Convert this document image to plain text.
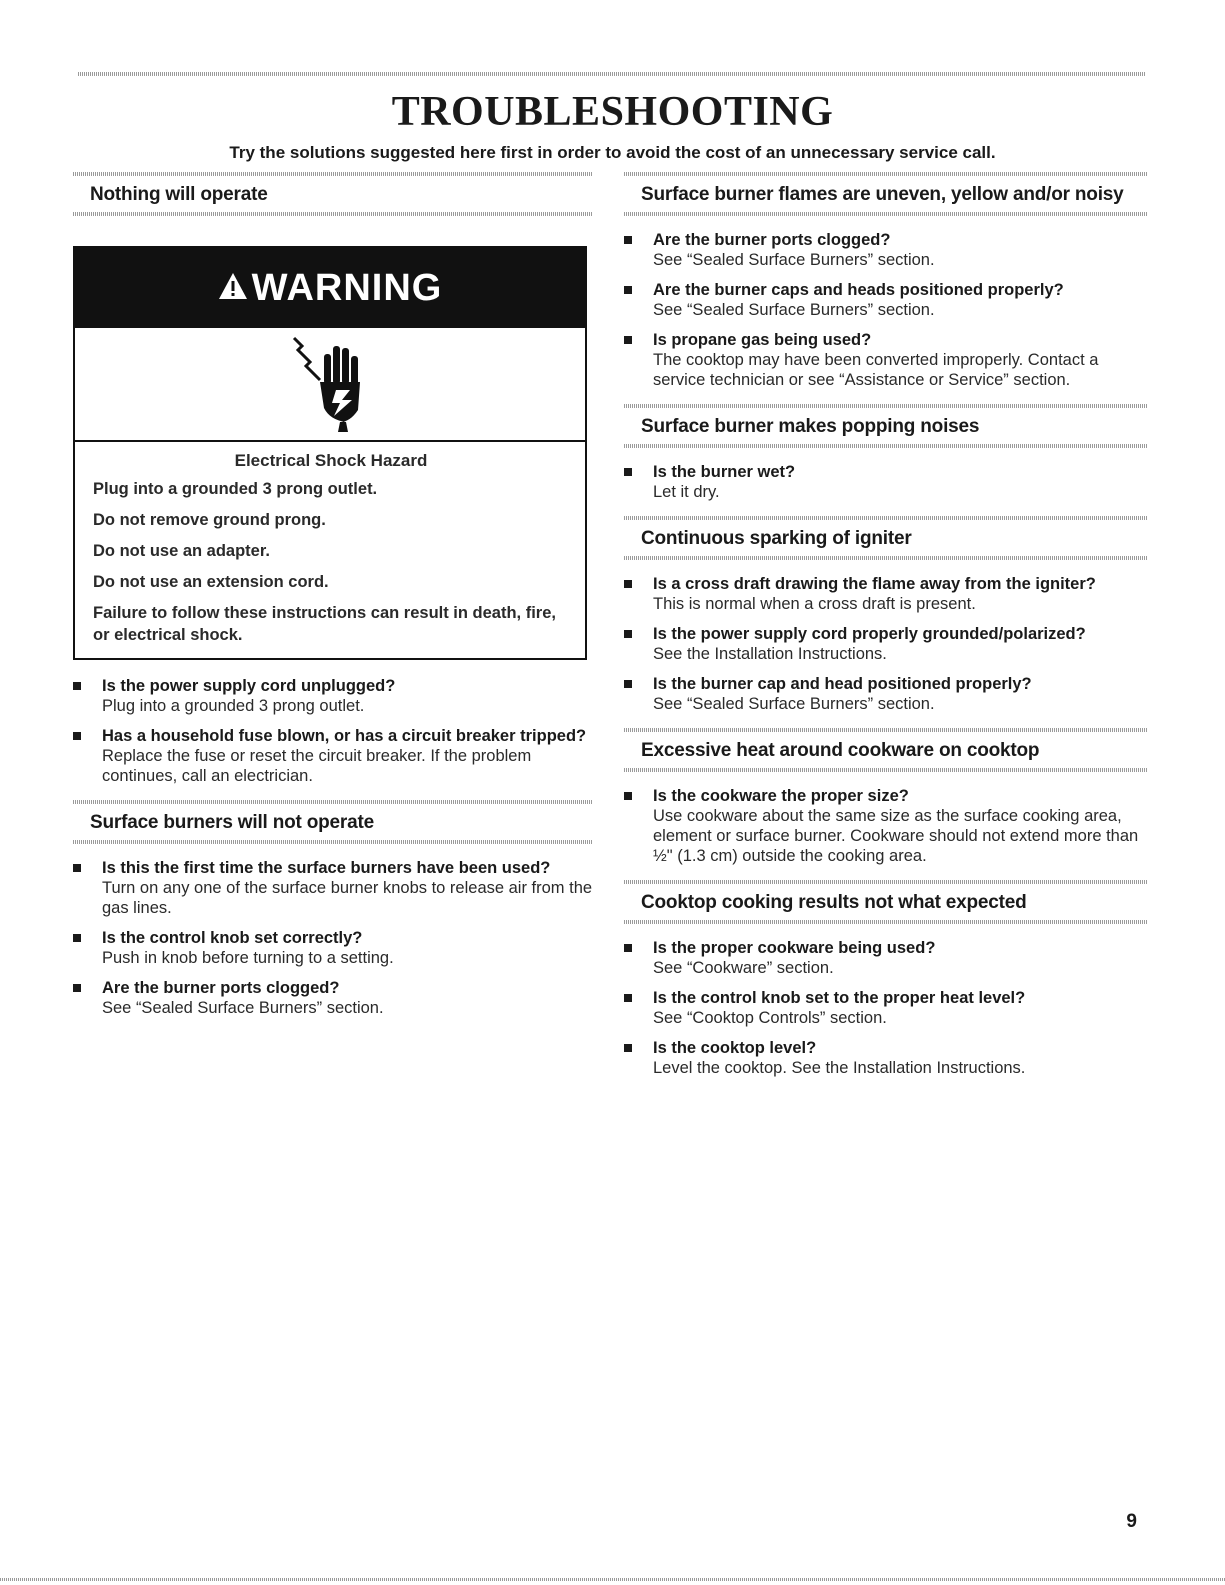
TROUBLESHOOTING
Try the solutions suggested here first in order to avoid the cost of an unnecessary service call.
Nothing will operate
WARNING
Electrical Shock Hazard
Plug into a grounded 3 prong outlet.
Do not remove ground prong.
Do not use an adapter.
Do not use an extension cord.
Failure to follow these instructions can result in death, fire, or electrical shock.
Is the power supply cord unplugged?
Plug into a grounded 3 prong outlet.
Has a household fuse blown, or has a circuit breaker tripped?
Replace the fuse or reset the circuit breaker. If the problem continues, call an electrician.
Surface burners will not operate
Is this the first time the surface burners have been used?
Turn on any one of the surface burner knobs to release air from the gas lines.
Is the control knob set correctly?
Push in knob before turning to a setting.
Are the burner ports clogged?
See “Sealed Surface Burners” section.
Surface burner flames are uneven, yellow and/or noisy
Are the burner ports clogged?
See “Sealed Surface Burners” section.
Are the burner caps and heads positioned properly?
See “Sealed Surface Burners” section.
Is propane gas being used?
The cooktop may have been converted improperly. Contact a service technician or see “Assistance or Service” section.
Surface burner makes popping noises
Is the burner wet?
Let it dry.
Continuous sparking of igniter
Is a cross draft drawing the flame away from the igniter?
This is normal when a cross draft is present.
Is the power supply cord properly grounded/polarized?
See the Installation Instructions.
Is the burner cap and head positioned properly?
See “Sealed Surface Burners” section.
Excessive heat around cookware on cooktop
Is the cookware the proper size?
Use cookware about the same size as the surface cooking area, element or surface burner. Cookware should not extend more than ½" (1.3 cm) outside the cooking area.
Cooktop cooking results not what expected
Is the proper cookware being used?
See “Cookware” section.
Is the control knob set to the proper heat level?
See “Cooktop Controls” section.
Is the cooktop level?
Level the cooktop. See the Installation Instructions.
9
